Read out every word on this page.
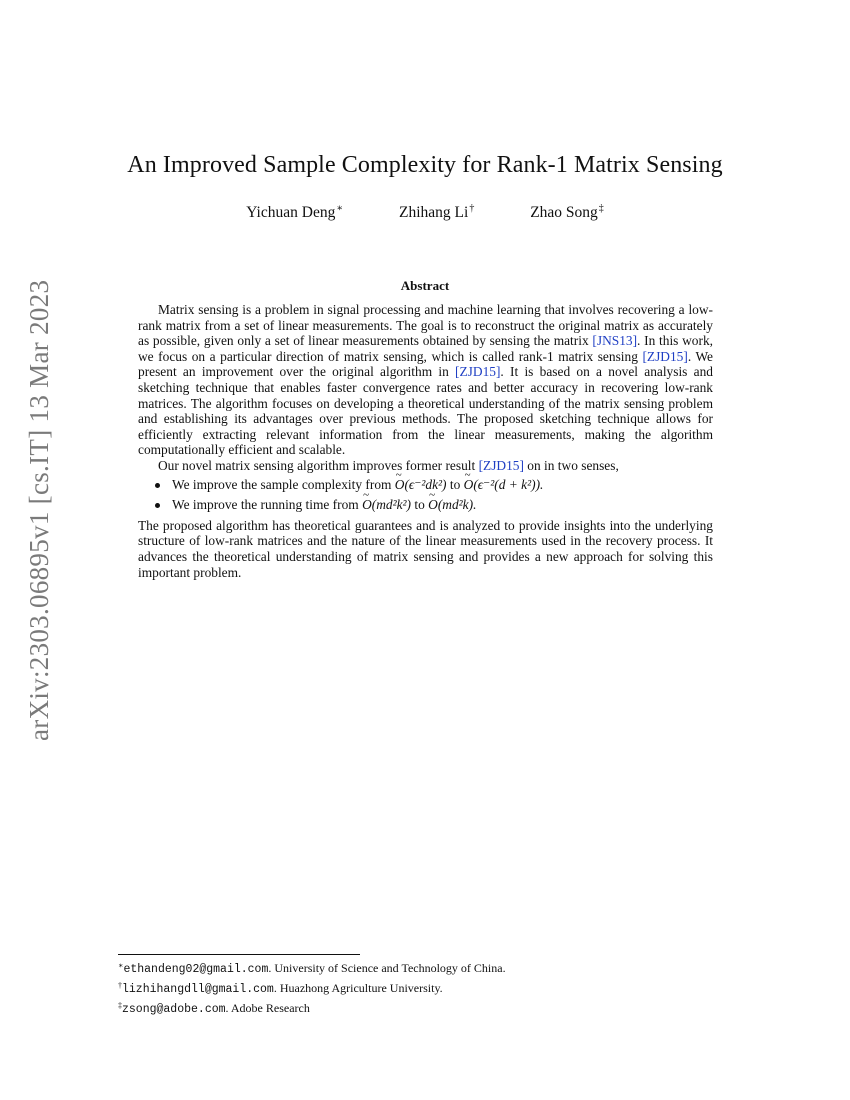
arXiv:2303.06895v1 [cs.IT] 13 Mar 2023
An Improved Sample Complexity for Rank-1 Matrix Sensing
Yichuan Deng∗	Zhihang Li†	Zhao Song‡
Abstract

Matrix sensing is a problem in signal processing and machine learning that involves recovering a low-rank matrix from a set of linear measurements. The goal is to reconstruct the original matrix as accurately as possible, given only a set of linear measurements obtained by sensing the matrix [JNS13]. In this work, we focus on a particular direction of matrix sensing, which is called rank-1 matrix sensing [ZJD15]. We present an improvement over the original algorithm in [ZJD15]. It is based on a novel analysis and sketching technique that enables faster convergence rates and better accuracy in recovering low-rank matrices. The algorithm focuses on developing a theoretical understanding of the matrix sensing problem and establishing its advantages over previous methods. The proposed sketching technique allows for efficiently extracting relevant information from the linear measurements, making the algorithm computationally efficient and scalable.

Our novel matrix sensing algorithm improves former result [ZJD15] on in two senses,

We improve the sample complexity from ~ O(ϵ⁻²dk²) to ~ O(ϵ⁻²(d + k²)).
We improve the running time from ~ O(md²k²) to ~ O(md²k).

The proposed algorithm has theoretical guarantees and is analyzed to provide insights into the underlying structure of low-rank matrices and the nature of the linear measurements used in the recovery process. It advances the theoretical understanding of matrix sensing and provides a new approach for solving this important problem.

∗ethandeng02@gmail.com. University of Science and Technology of China.
†lizhihangdll@gmail.com. Huazhong Agriculture University.
‡zsong@adobe.com. Adobe Research
